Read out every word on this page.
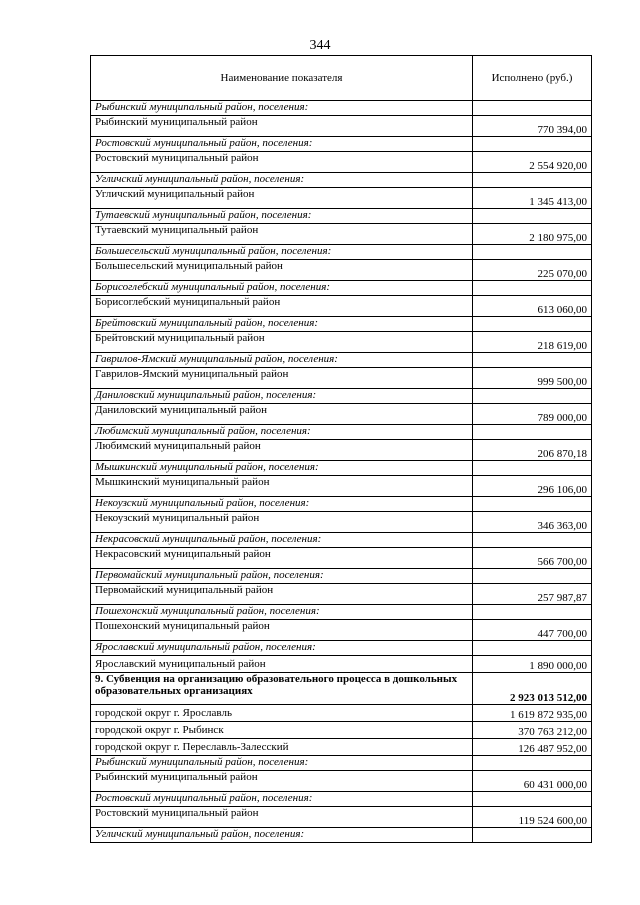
344
Наименование показателя	Исполнено (руб.)
Рыбинский муниципальный район, поселения:	
Рыбинский муниципальный район	770 394,00
Ростовский муниципальный район, поселения:	
Ростовский муниципальный район	2 554 920,00
Угличский муниципальный район, поселения:	
Угличский муниципальный район	1 345 413,00
Тутаевский муниципальный район, поселения:	
Тутаевский муниципальный район	2 180 975,00
Большесельский муниципальный район, поселения:	
Большесельский муниципальный район	225 070,00
Борисоглебский муниципальный район, поселения:	
Борисоглебский муниципальный район	613 060,00
Брейтовский муниципальный район, поселения:	
Брейтовский муниципальный район	218 619,00
Гаврилов-Ямский муниципальный район, поселения:	
Гаврилов-Ямский муниципальный район	999 500,00
Даниловский муниципальный район, поселения:	
Даниловский муниципальный район	789 000,00
Любимский муниципальный район, поселения:	
Любимский муниципальный район	206 870,18
Мышкинский муниципальный район, поселения:	
Мышкинский муниципальный район	296 106,00
Некоузский муниципальный район, поселения:	
Некоузский муниципальный район	346 363,00
Некрасовский муниципальный район, поселения:	
Некрасовский муниципальный район	566 700,00
Первомайский муниципальный район, поселения:	
Первомайский муниципальный район	257 987,87
Пошехонский муниципальный район, поселения:	
Пошехонский муниципальный район	447 700,00
Ярославский муниципальный район, поселения:	
Ярославский муниципальный район	1 890 000,00
9. Субвенция на организацию образовательного процесса в дошкольных образовательных организациях	2 923 013 512,00
городской округ г. Ярославль	1 619 872 935,00
городской округ г. Рыбинск	370 763 212,00
городской округ г. Переславль-Залесский	126 487 952,00
Рыбинский муниципальный район, поселения:	
Рыбинский муниципальный район	60 431 000,00
Ростовский муниципальный район, поселения:	
Ростовский муниципальный район	119 524 600,00
Угличский муниципальный район, поселения:	
